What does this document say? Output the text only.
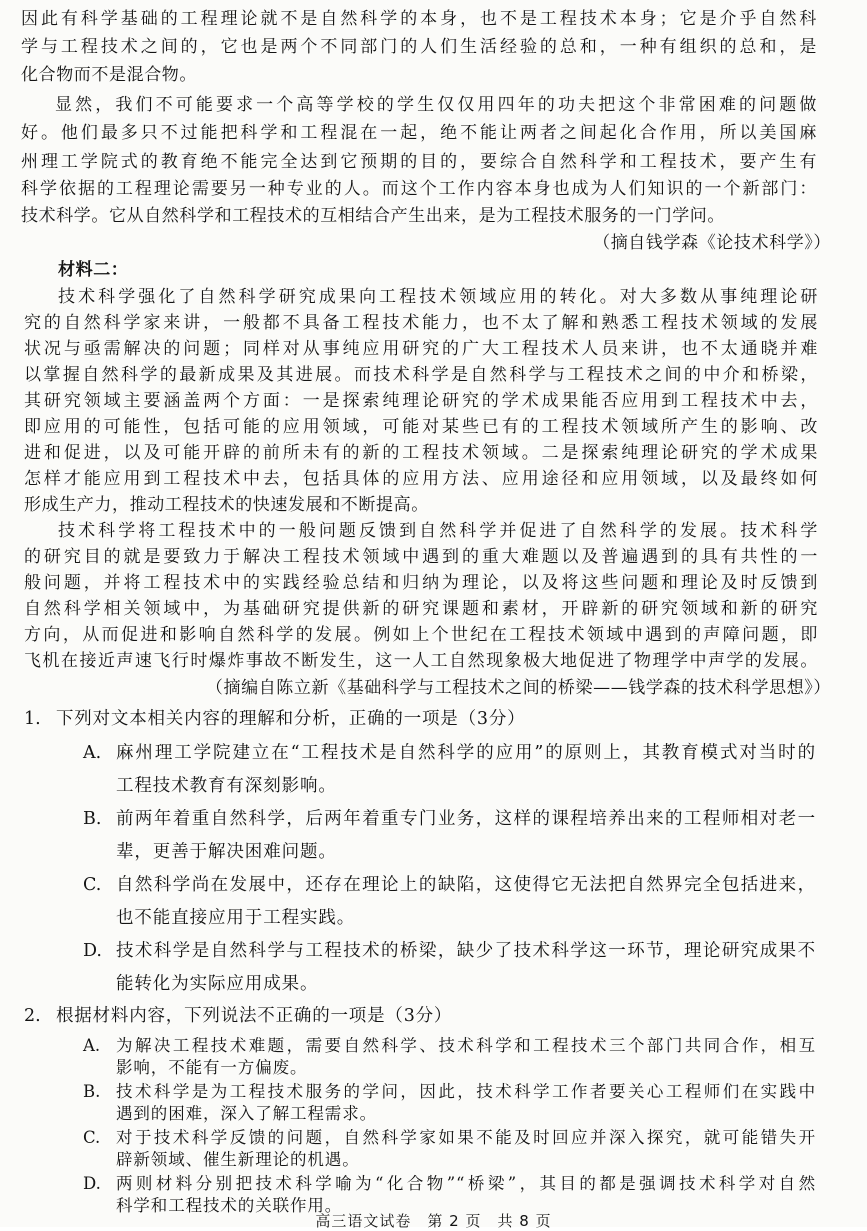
因此有科学基础的工程理论就不是自然科学的本身，也不是工程技术本身；它是介乎自然科
学与工程技术之间的，它也是两个不同部门的人们生活经验的总和，一种有组织的总和，是
化合物而不是混合物。
显然，我们不可能要求一个高等学校的学生仅仅用四年的功夫把这个非常困难的问题做
好。他们最多只不过能把科学和工程混在一起，绝不能让两者之间起化合作用，所以美国麻
州理工学院式的教育绝不能完全达到它预期的目的，要综合自然科学和工程技术，要产生有
科学依据的工程理论需要另一种专业的人。而这个工作内容本身也成为人们知识的一个新部门：
技术科学。它从自然科学和工程技术的互相结合产生出来，是为工程技术服务的一门学问。
（摘自钱学森《论技术科学》）
材料二：
技术科学强化了自然科学研究成果向工程技术领域应用的转化。对大多数从事纯理论研
究的自然科学家来讲，一般都不具备工程技术能力，也不太了解和熟悉工程技术领域的发展
状况与亟需解决的问题；同样对从事纯应用研究的广大工程技术人员来讲，也不太通晓并难
以掌握自然科学的最新成果及其进展。而技术科学是自然科学与工程技术之间的中介和桥梁，
其研究领域主要涵盖两个方面：一是探索纯理论研究的学术成果能否应用到工程技术中去，
即应用的可能性，包括可能的应用领域，可能对某些已有的工程技术领域所产生的影响、改
进和促进，以及可能开辟的前所未有的新的工程技术领域。二是探索纯理论研究的学术成果
怎样才能应用到工程技术中去，包括具体的应用方法、应用途径和应用领域，以及最终如何
形成生产力，推动工程技术的快速发展和不断提高。
技术科学将工程技术中的一般问题反馈到自然科学并促进了自然科学的发展。技术科学
的研究目的就是要致力于解决工程技术领域中遇到的重大难题以及普遍遇到的具有共性的一
般问题，并将工程技术中的实践经验总结和归纳为理论，以及将这些问题和理论及时反馈到
自然科学相关领域中，为基础研究提供新的研究课题和素材，开辟新的研究领域和新的研究
方向，从而促进和影响自然科学的发展。例如上个世纪在工程技术领域中遇到的声障问题，即
飞机在接近声速飞行时爆炸事故不断发生，这一人工自然现象极大地促进了物理学中声学的发展。
（摘编自陈立新《基础科学与工程技术之间的桥梁——钱学森的技术科学思想》）
1. 下列对文本相关内容的理解和分析，正确的一项是（3分）
A. 麻州理工学院建立在“工程技术是自然科学的应用”的原则上，其教育模式对当时的
工程技术教育有深刻影响。
B. 前两年着重自然科学，后两年着重专门业务，这样的课程培养出来的工程师相对老一
辈，更善于解决困难问题。
C. 自然科学尚在发展中，还存在理论上的缺陷，这使得它无法把自然界完全包括进来，
也不能直接应用于工程实践。
D. 技术科学是自然科学与工程技术的桥梁，缺少了技术科学这一环节，理论研究成果不
能转化为实际应用成果。
2. 根据材料内容，下列说法不正确的一项是（3分）
A. 为解决工程技术难题，需要自然科学、技术科学和工程技术三个部门共同合作，相互
影响，不能有一方偏废。
B. 技术科学是为工程技术服务的学问，因此，技术科学工作者要关心工程师们在实践中
遇到的困难，深入了解工程需求。
C. 对于技术科学反馈的问题，自然科学家如果不能及时回应并深入探究，就可能错失开
辟新领域、催生新理论的机遇。
D. 两则材料分别把技术科学喻为“化合物”“桥梁”，其目的都是强调技术科学对自然
科学和工程技术的关联作用。
高三语文试卷　第 2 页　共 8 页
